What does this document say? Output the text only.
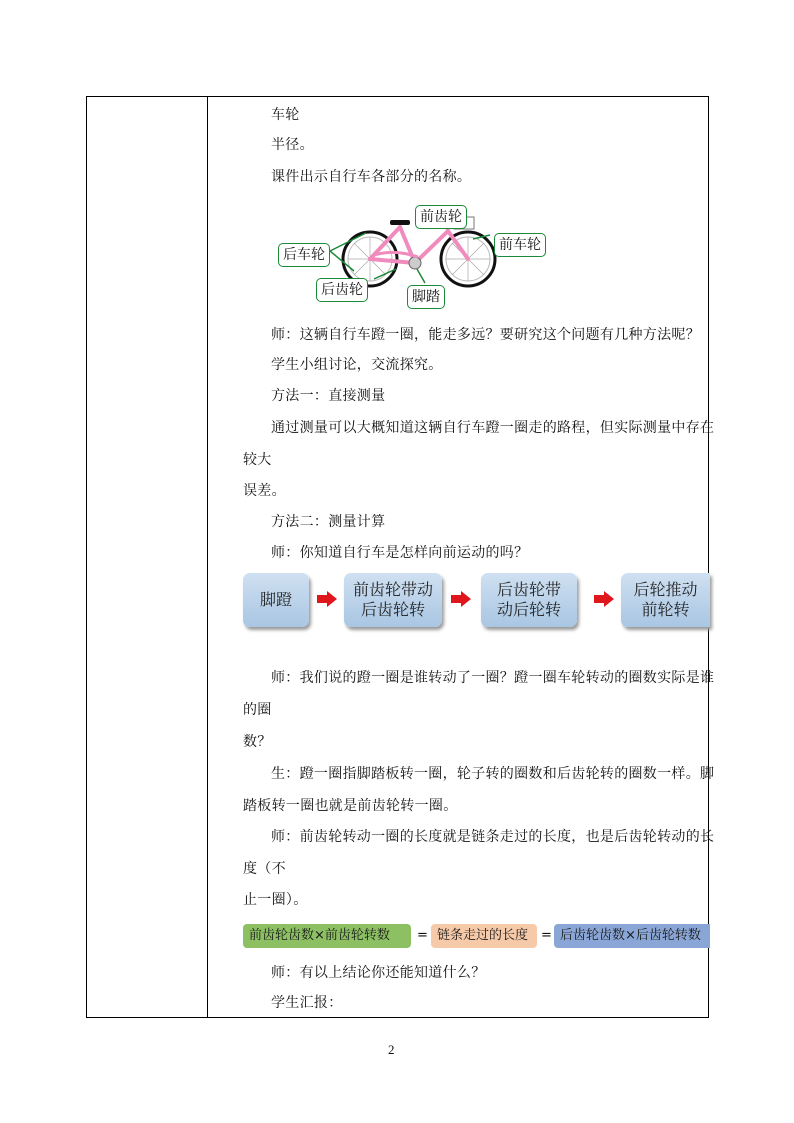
车轮
半径。
课件出示自行车各部分的名称。
前齿轮
前车轮
后车轮
后齿轮	脚踏
师：这辆自行车蹬一圈，能走多远？要研究这个问题有几种方法呢？
学生小组讨论，交流探究。
方法一：直接测量
通过测量可以大概知道这辆自行车蹬一圈走的路程，但实际测量中存在
较大
误差。
方法二：测量计算
师：你知道自行车是怎样向前运动的吗？
脚蹬
前齿轮带动
后齿轮转
后齿轮带
动后轮转
后轮推动
前轮转
师：我们说的蹬一圈是谁转动了一圈？蹬一圈车轮转动的圈数实际是谁
的圈
数？
生：蹬一圈指脚踏板转一圈，轮子转的圈数和后齿轮转的圈数一样。脚
踏板转一圈也就是前齿轮转一圈。
师：前齿轮转动一圈的长度就是链条走过的长度，也是后齿轮转动的长
度（不
止一圈）。
前齿轮齿数×前齿轮转数	= 链条走过的长度 = 后齿轮齿数×后齿轮转数
师：有以上结论你还能知道什么？
学生汇报：
2
